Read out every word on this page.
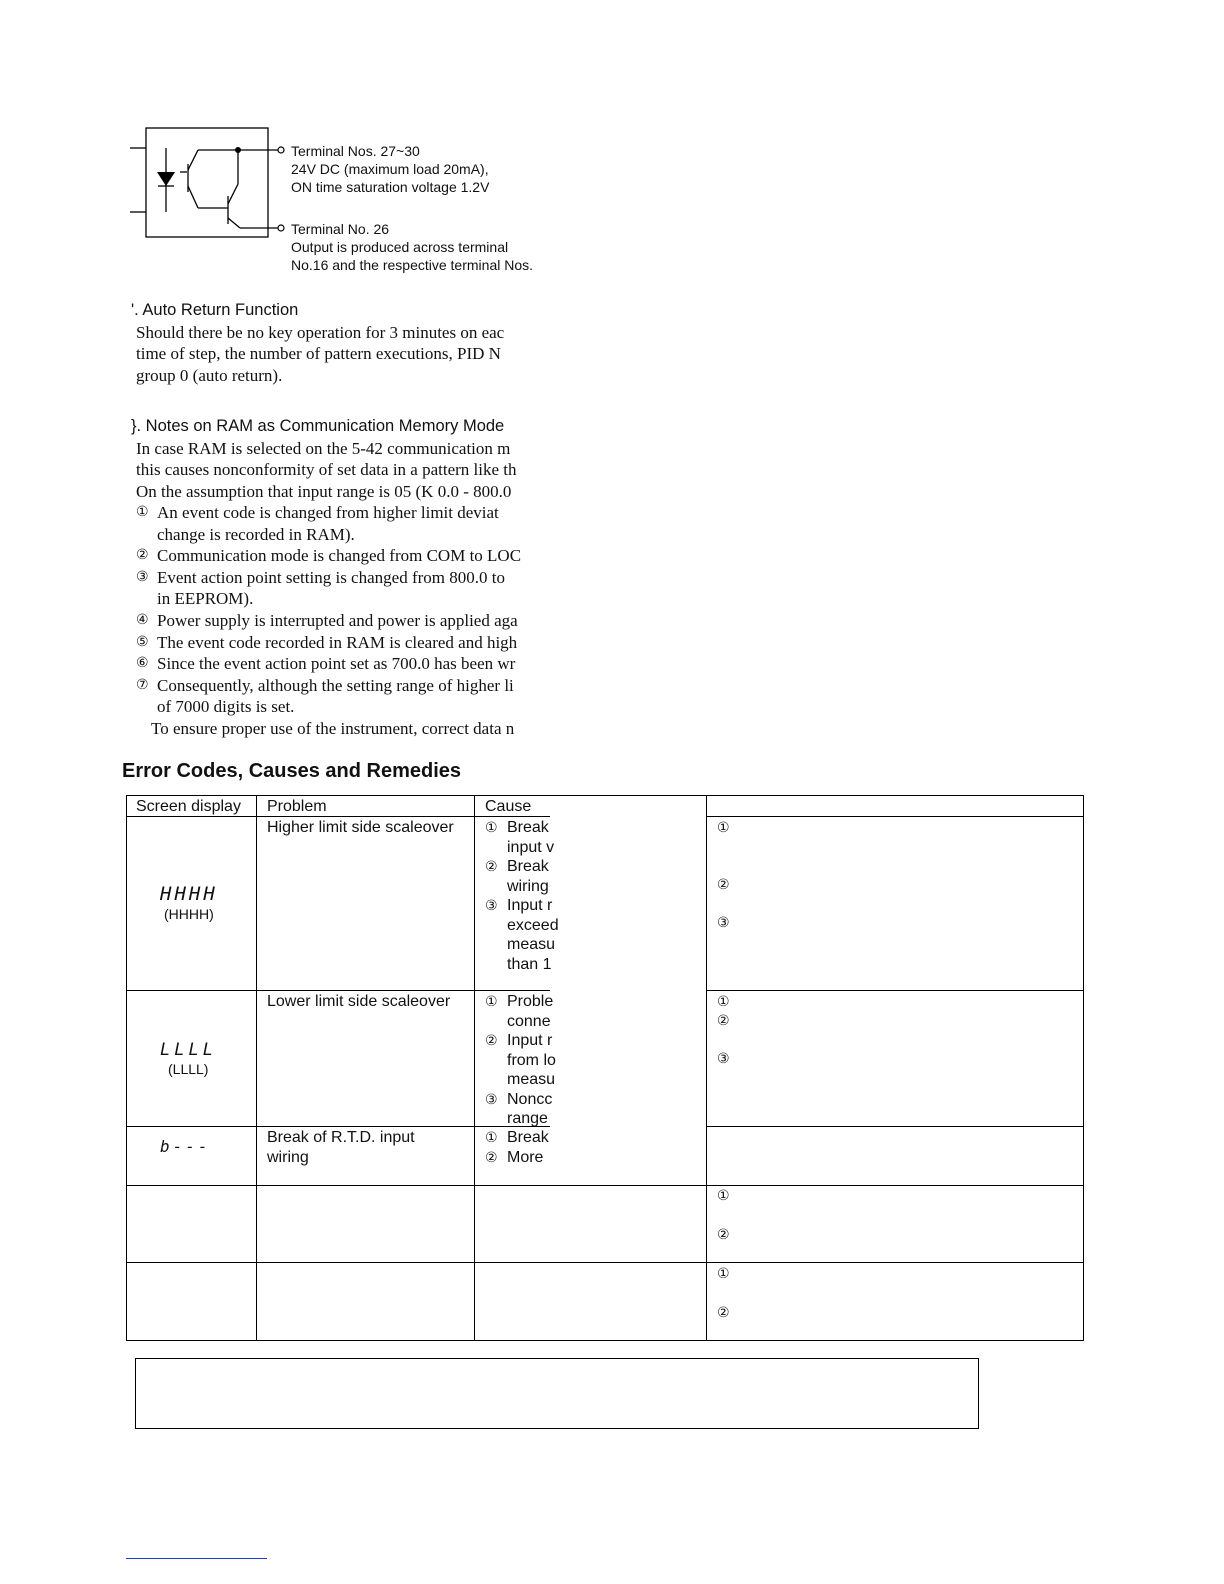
Terminal Nos. 27~30
24V DC (maximum load 20mA),
ON time saturation voltage 1.2V
Terminal No. 26
Output is produced across terminal
No.16 and the respective terminal Nos.
'. Auto Return Function
Should there be no key operation for 3 minutes on eac
time of step, the number of pattern executions, PID N
group 0 (auto return).
}. Notes on RAM as Communication Memory Mode
In case RAM is selected on the 5-42 communication m
this causes nonconformity of set data in a pattern like th
On the assumption that input range is 05 (K 0.0 - 800.0
① An event code is changed from higher limit deviat
change is recorded in RAM).
② Communication mode is changed from COM to LOC
③ Event action point setting is changed from 800.0 to
in EEPROM).
④ Power supply is interrupted and power is applied aga
⑤ The event code recorded in RAM is cleared and high
⑥ Since the event action point set as 700.0 has been wr
⑦ Consequently, although the setting range of higher li
of 7000 digits is set.
To ensure proper use of the instrument, correct data n
Error Codes, Causes and Remedies
Screen display Problem	Cause
HHHH
(HHHH)
Higher limit side scaleover ① Break
input v
② Break
wiring
③ Input r
exceed
measu
than 1
①
②
③
LLLL
(LLLL)
Lower limit side scaleover ① Proble
conne
② Input r
from lo
measu
③ Noncc
range
①
②
③
b---	Break of R.T.D. input
wiring
① Break
② More
①
②
①
②
